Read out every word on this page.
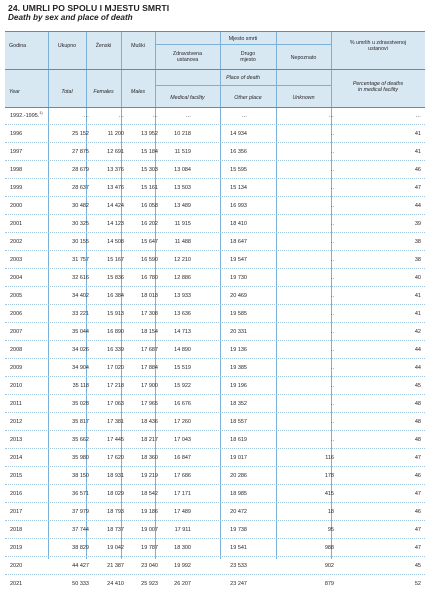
24. UMRLI PO SPOLU I MJESTU SMRTI
Death by sex and place of death
Godina	Ukupno	Ženski	Muški
Mjesto smrti
Zdravstvena
ustanova
Drugo
mjesto	Nepoznato
% umrlih u zdravstvenoj
ustanovi
Year	Total	Females	Males
Place of death
Medical facility	Other place	Unknown
Percentage of deaths
in medical facility
1992.-1995.$^{1)}$	…	…	…	…	…	…	…
1996	25 152	11 200	13 952	10 218	14 934	..	41
1997	27 875	12 691	15 184	11 519	16 356	..	41
1998	28 679	13 376	15 303	13 084	15 595	..	46
1999	28 637	13 476	15 161	13 503	15 134	..	47
2000	30 482	14 424	16 058	13 489	16 993	..	44
2001	30 325	14 123	16 202	11 915	18 410	..	39
2002	30 155	14 508	15 647	11 488	18 647	..	38
2003	31 757	15 167	16 590	12 210	19 547	..	38
2004	32 616	15 836	16 780	12 886	19 730	..	40
2005	34 402	16 384	18 018	13 933	20 469	..	41
2006	33 221	15 913	17 308	13 636	19 585	..	41
2007	35 044	16 890	18 154	14 713	20 331	..	42
2008	34 026	16 339	17 687	14 890	19 136	..	44
2009	34 904	17 020	17 884	15 519	19 385	..	44
2010	35 118	17 218	17 900	15 922	19 196	..	45
2011	35 028	17 063	17 965	16 676	18 352	..	48
2012	35 817	17 381	18 436	17 260	18 557	..	48
2013	35 662	17 445	18 217	17 043	18 619	..	48
2014	35 980	17 620	18 360	16 847	19 017	116	47
2015	38 150	18 931	19 219	17 686	20 286	178	46
2016	36 571	18 029	18 542	17 171	18 985	415	47
2017	37 979	18 793	19 186	17 489	20 472	18	46
2018	37 744	18 737	19 007	17 911	19 738	95	47
2019	38 829	19 042	19 787	18 300	19 541	988	47
2020	44 427	21 387	23 040	19 992	23 533	902	45
2021	50 333	24 410	25 923	26 207	23 247	879	52
